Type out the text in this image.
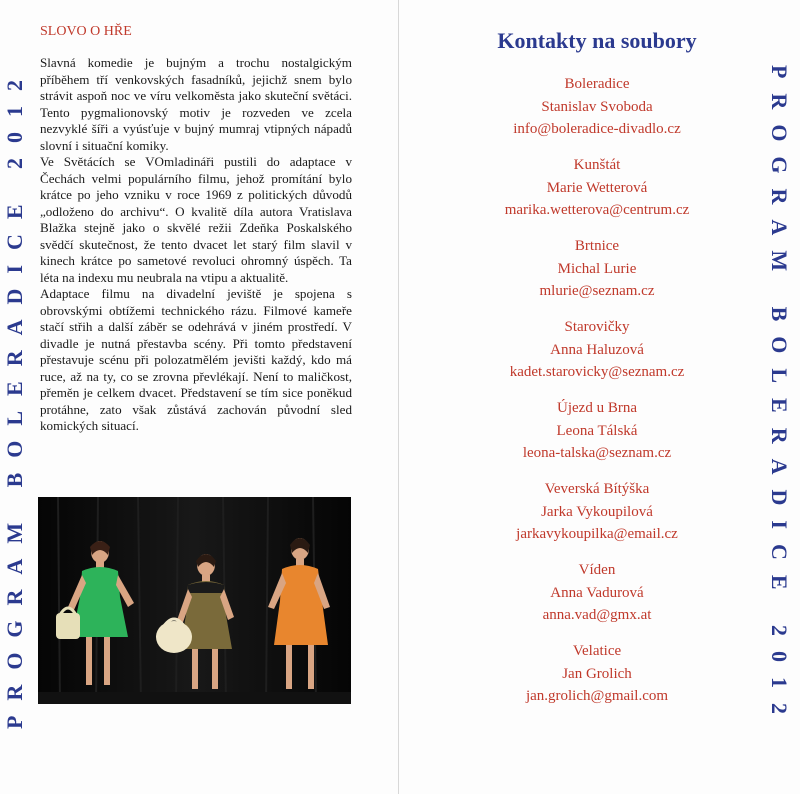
PROGRAM BOLERADICE 2012
SLOVO O HŘE

Slavná komedie je bujným a trochu nostalgickým příběhem tří venkovských fasadníků, jejichž snem bylo strávit aspoň noc ve víru velkoměsta jako skuteční světáci. Tento pygmalionovský motiv je rozveden ve zcela nezvyklé šíři a vyúsťuje v bujný mumraj vtipných nápadů slovní i situační komiky.

Ve Světácích se VOmladináři pustili do adaptace v Čechách velmi populárního filmu, jehož promítání bylo krátce po jeho vzniku v roce 1969 z politických důvodů „odloženo do archivu“. O kvalitě díla autora Vratislava Blažka stejně jako o skvělé režii Zdeňka Poskalského svědčí skutečnost, že tento dvacet let starý film slavil v kinech krátce po sametové revoluci ohromný úspěch. Ta léta na indexu mu neubrala na vtipu a aktualitě.

Adaptace filmu na divadelní jeviště je spojena s obrovskými obtížemi technického rázu. Filmové kameře stačí střih a další záběr se odehrává v jiném prostředí. V divadle je nutná přestavba scény. Při tomto představení přestavuje scénu při polozatmělém jevišti každý, kdo má ruce, až na ty, co se zrovna převlékají. Není to maličkost, přeměn je celkem dvacet. Představení se tím sice poněkud protáhne, zato však zůstává zachován původní sled komických situací.

Kontakty na soubory
Boleradice
Stanislav Svoboda
info@boleradice-divadlo.cz
Kunštát
Marie Wetterová
marika.wetterova@centrum.cz
Brtnice
Michal Lurie
mlurie@seznam.cz
Starovičky
Anna Haluzová
kadet.starovicky@seznam.cz
Újezd u Brna
Leona Tálská
leona-talska@seznam.cz
Veverská Bítýška
Jarka Vykoupilová
jarkavykoupilka@email.cz
Víden
Anna Vadurová
anna.vad@gmx.at
Velatice
Jan Grolich
jan.grolich@gmail.com	PROGRAM BOLERADICE 2012
